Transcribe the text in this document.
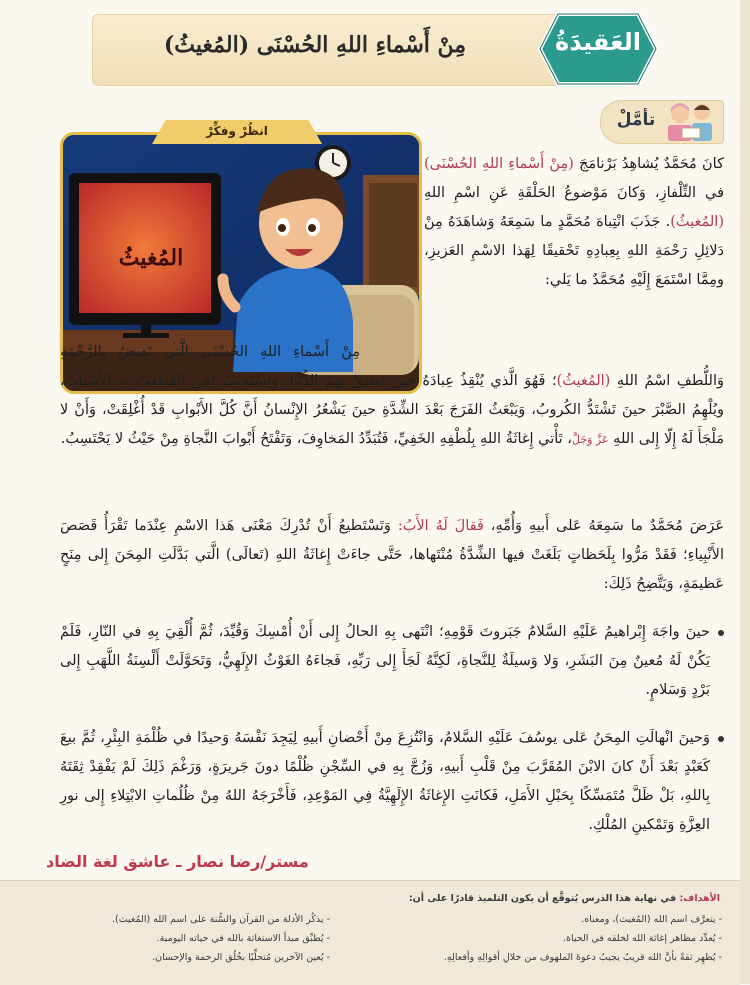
العَقيدَةُ
مِنْ أَسْماءِ اللهِ الحُسْنَى (المُغيثُ)
تأمَّلْ
انظُرْ وفكِّرْ
المُغيثُ
كانَ مُحَمَّدٌ يُشاهِدُ بَرْنامَجَ (مِنْ أَسْماءِ اللهِ الحُسْنَى) في التِّلْفازِ، وَكانَ مَوْضوعُ الحَلْقَةِ عَنِ اسْمِ اللهِ (المُغيثُ). جَذَبَ انْتِباهَ مُحَمَّدٍ ما سَمِعَهُ وَشاهَدَهُ مِنْ دَلائِلِ رَحْمَةِ اللهِ بِعِبادِهِ تَحْقيقًا لِهَذا الاسْمِ العَزيزِ، ومِمَّا اسْتَمَعَ إِلَيْهِ مُحَمَّدٌ ما يَلي:
مِنْ أَسْماءِ اللهِ الحُسْنَى الَّتي تَفيضُ بِالرَّحْمَةِ وَاللُّطفِ اسْمُ اللهِ (المُغيثُ)؛ فَهُوَ الَّذي يُنْقِذُ عِبادَهُ حينَ تَضيقُ بِهِمُ الدُّنْيا، ويَسْتَجيبُ لِمَنِ انْقَطَعَتْ بِهِ الأَسْبابُ، ويُلْهِمُ الصَّبْرَ حينَ تَشْتَدُّ الكُروبُ، وَيَبْعَثُ الفَرَجَ بَعْدَ الشِّدَّةِ حينَ يَشْعُرُ الإِنْسانُ أَنَّ كُلَّ الأَبْوابِ قَدْ أُغْلِقَتْ، وَأَنْ لا مَلْجَأَ لَهُ إِلّا إِلى اللهِ عَزَّ وَجَلَّ، تَأْتي إِغاثَةُ اللهِ بِلُطْفِهِ الخَفِيِّ، فَتُبَدِّدُ المَخاوِفَ، وَتَفْتَحُ أَبْوابَ النَّجاةِ مِنْ حَيْثُ لا يَحْتَسِبُ.
عَرَضَ مُحَمَّدٌ ما سَمِعَهُ عَلى أَبيهِ وَأُمِّهِ، فَقالَ لَهُ الأَبُ: وَتَسْتَطيعُ أَنْ تُدْرِكَ مَعْنَى هَذا الاسْمِ عِنْدَما تَقْرَأُ قَصَصَ الأَنْبِياءِ؛ فَقَدْ مَرُّوا بِلَحَظاتٍ بَلَغَتْ فيها الشِّدَّةُ مُنْتَهاها، حَتَّى جاءَتْ إِغاثَةُ اللهِ (تَعالَى) الَّتي بَدَّلَتِ المِحَنَ إِلى مِنَحٍ عَظيمَةٍ، وَيَتَّضِحُ ذَلِكَ:
حينَ واجَهَ إِبْراهيمُ عَلَيْهِ السَّلامُ جَبَروتَ قَوْمِهِ؛ انْتَهى بِهِ الحالُ إِلى أَنْ أُمْسِكَ وَقُيِّدَ، ثُمَّ أُلْقِيَ بِهِ في النّارِ، فَلَمْ يَكُنْ لَهُ مُعينٌ مِنَ البَشَرِ، وَلا وَسيلَةٌ لِلنَّجاةِ، لَكِنَّهُ لَجَأَ إِلى رَبِّهِ، فَجاءَهُ الغَوْثُ الإِلَهِيُّ، وَتَحَوَّلَتْ أَلْسِنَةُ اللَّهَبِ إِلى بَرْدٍ وَسَلامٍ.
وَحينَ انْهالَتِ المِحَنُ عَلى يوسُفَ عَلَيْهِ السَّلامُ، وَانْتُزِعَ مِنْ أَحْضانِ أَبيهِ لِيَجِدَ نَفْسَهُ وَحيدًا في ظُلْمَةِ البِئْرِ، ثُمَّ بيعَ كَعَبْدٍ بَعْدَ أَنْ كانَ الابْنَ المُقَرَّبَ مِنْ قَلْبِ أَبيهِ، وَزُجَّ بِهِ في السِّجْنِ ظُلْمًا دونَ جَريرَةٍ، وَرَغْمَ ذَلِكَ لَمْ يَفْقِدْ ثِقَتَهُ بِاللهِ، بَلْ ظَلَّ مُتَمَسِّكًا بِحَبْلِ الأَمَلِ، فَكانَتِ الإِغاثَةُ الإِلَهِيَّةُ فِي المَوْعِدِ، فَأَخْرَجَهُ اللهُ مِنْ ظُلُماتِ الابْتِلاءِ إِلى نورِ العِزَّةِ وَتَمْكينِ المُلْكِ.
مستر/رضا نصار ـ عاشق لغة الضاد
الأهداف: في نهاية هذا الدرس يُتوقَّع أن يكون التلميذ قادرًا على أن:
- يتعرَّف اسم الله (المُغيث)، ومعناه.
- يُعدِّد مظاهر إغاثة الله لخلقه في الحياة.
- يُظهِر ثقةً بأنَّ الله قريبٌ يجيبُ دعوةَ الملهوف من خلالِ أقوالِهِ وأفعالِهِ.
- يذكُر الأدلة من القرآن والسُّنة على اسم الله (المُغيث).
- يُطبِّق مبدأ الاستغاثة بالله في حياته اليومية.
- يُعين الآخرين مُتحلِّيًا بخُلُق الرحمة والإحسان.
